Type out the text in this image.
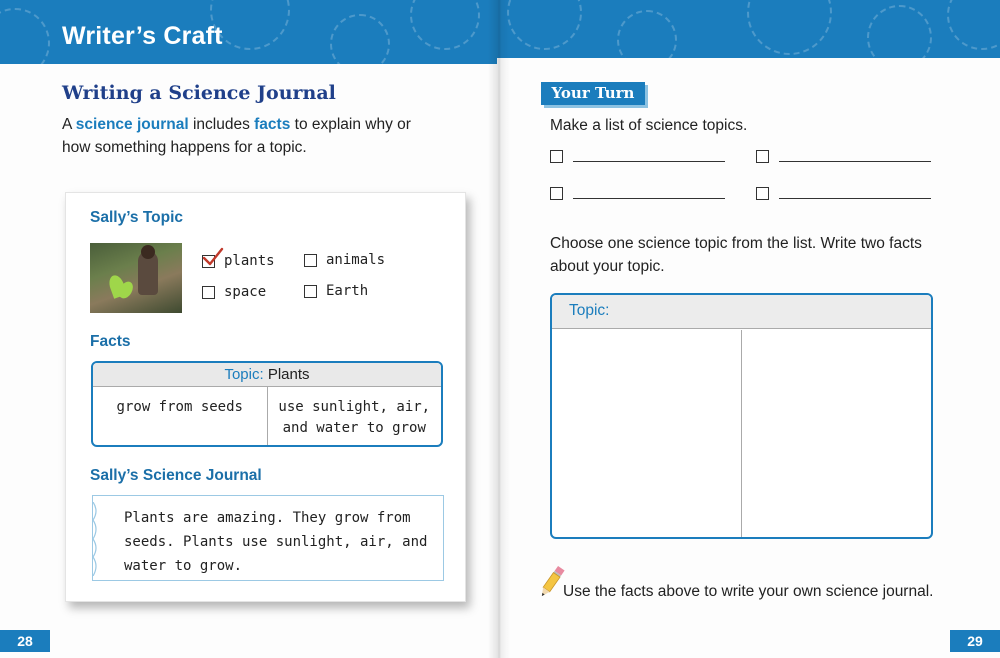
Writer’s Craft
Writing a Science Journal
A science journal includes facts to explain why or how something happens for a topic.
Sally’s Topic
plants	animals
space	Earth
Facts
Topic: Plants
grow from seeds	use sunlight, air, and water to grow
Sally’s Science Journal
Plants are amazing. They grow from seeds. Plants use sunlight, air, and water to grow.
28
Your Turn
Make a list of science topics.
Choose one science topic from the list. Write two facts about your topic.
Topic:
Use the facts above to write your own science journal.
29
